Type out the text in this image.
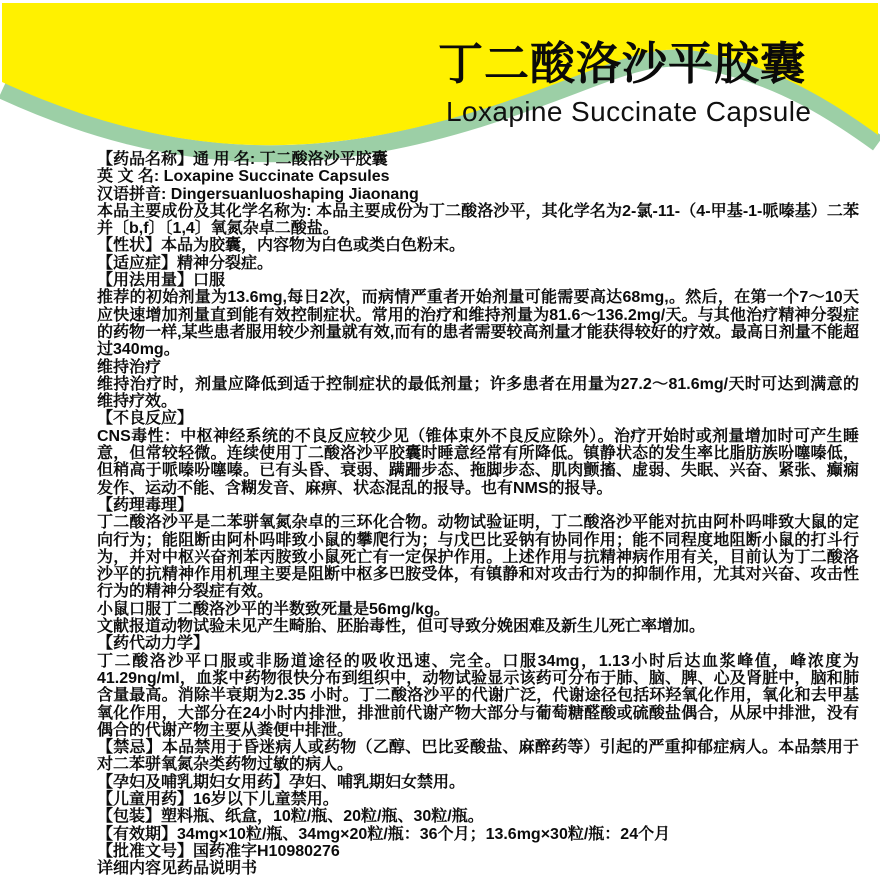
丁二酸洛沙平胶囊
Loxapine Succinate Capsule

【药品名称】通 用 名: 丁二酸洛沙平胶囊

英 文 名: Loxapine Succinate Capsules

汉语拼音: Dingersuanluoshaping Jiaonang

本品主要成份及其化学名称为: 本品主要成份为丁二酸洛沙平，其化学名为2-氯-11-（4-甲基-1-哌嗪基）二苯并〔b,f〕〔1,4〕氧氮杂卓二酸盐。

【性状】本品为胶囊，内容物为白色或类白色粉末。

【适应症】精神分裂症。

【用法用量】口服

推荐的初始剂量为13.6mg,每日2次，而病情严重者开始剂量可能需要高达68mg,。然后，在第一个7～10天应快速增加剂量直到能有效控制症状。常用的治疗和维持剂量为81.6～136.2mg/天。与其他治疗精神分裂症的药物一样,某些患者服用较少剂量就有效,而有的患者需要较高剂量才能获得较好的疗效。最高日剂量不能超过340mg。

维持治疗

维持治疗时，剂量应降低到适于控制症状的最低剂量；许多患者在用量为27.2～81.6mg/天时可达到满意的维持疗效。

【不良反应】

CNS毒性：中枢神经系统的不良反应较少见（锥体束外不良反应除外）。治疗开始时或剂量增加时可产生睡意，但常较轻微。连续使用丁二酸洛沙平胶囊时睡意经常有所降低。镇静状态的发生率比脂肪族吩噻嗪低，但稍高于哌嗪吩噻嗪。已有头昏、衰弱、蹒跚步态、拖脚步态、肌肉颤搐、虚弱、失眠、兴奋、紧张、癫痫发作、运动不能、含糊发音、麻痹、状态混乱的报导。也有NMS的报导。

【药理毒理】

丁二酸洛沙平是二苯骈氧氮杂卓的三环化合物。动物试验证明，丁二酸洛沙平能对抗由阿朴吗啡致大鼠的定向行为；能阻断由阿朴吗啡致小鼠的攀爬行为；与戊巴比妥钠有协同作用；能不同程度地阻断小鼠的打斗行为，并对中枢兴奋剂苯丙胺致小鼠死亡有一定保护作用。上述作用与抗精神病作用有关，目前认为丁二酸洛沙平的抗精神作用机理主要是阻断中枢多巴胺受体，有镇静和对攻击行为的抑制作用，尤其对兴奋、攻击性行为的精神分裂症有效。

小鼠口服丁二酸洛沙平的半数致死量是56mg/kg。

文献报道动物试验未见产生畸胎、胚胎毒性，但可导致分娩困难及新生儿死亡率增加。

【药代动力学】

丁二酸洛沙平口服或非肠道途径的吸收迅速、完全。口服34mg，1.13小时后达血浆峰值，峰浓度为41.29ng/ml，血浆中药物很快分布到组织中，动物试验显示该药可分布于肺、脑、脾、心及肾脏中，脑和肺含量最高。消除半衰期为2.35 小时。丁二酸洛沙平的代谢广泛，代谢途径包括环羟氧化作用，氧化和去甲基氧化作用，大部分在24小时内排泄，排泄前代谢产物大部分与葡萄糖醛酸或硫酸盐偶合，从尿中排泄，没有偶合的代谢产物主要从粪便中排泄。

【禁忌】本品禁用于昏迷病人或药物（乙醇、巴比妥酸盐、麻醉药等）引起的严重抑郁症病人。本品禁用于对二苯骈氧氮杂类药物过敏的病人。

【孕妇及哺乳期妇女用药】孕妇、哺乳期妇女禁用。

【儿童用药】16岁以下儿童禁用。

【包装】塑料瓶、纸盒，10粒/瓶、20粒/瓶、30粒/瓶。

【有效期】34mg×10粒/瓶、34mg×20粒/瓶：36个月；13.6mg×30粒/瓶：24个月

【批准文号】国药准字H10980276

详细内容见药品说明书
